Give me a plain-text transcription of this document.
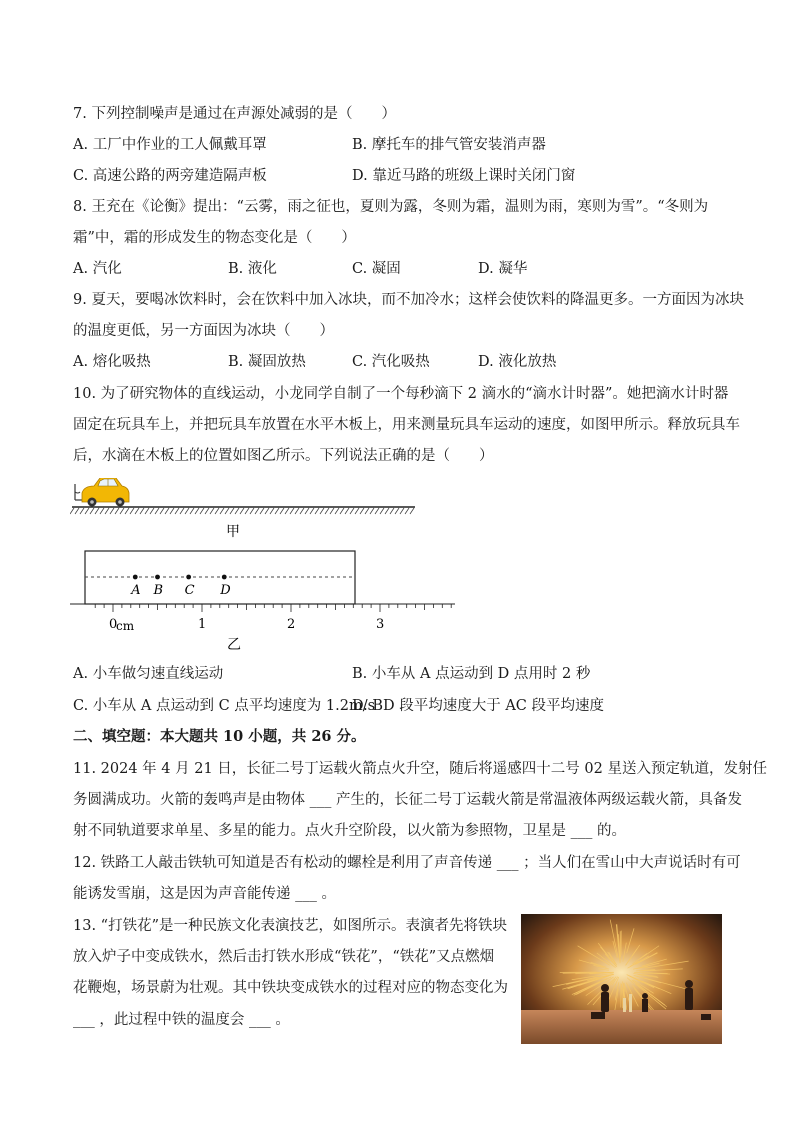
7. 下列控制噪声是通过在声源处减弱的是（　　）
A. 工厂中作业的工人佩戴耳罩	B. 摩托车的排气管安装消声器
C. 高速公路的两旁建造隔声板	D. 靠近马路的班级上课时关闭门窗
8. 王充在《论衡》提出：“云雾，雨之征也，夏则为露，冬则为霜，温则为雨，寒则为雪”。“冬则为
霜”中，霜的形成发生的物态变化是（　　）
A. 汽化	B. 液化	C. 凝固	D. 凝华
9. 夏天，要喝冰饮料时，会在饮料中加入冰块，而不加冷水；这样会使饮料的降温更多。一方面因为冰块
的温度更低，另一方面因为冰块（　　）
A. 熔化吸热	B. 凝固放热	C. 汽化吸热	D. 液化放热
10. 为了研究物体的直线运动，小龙同学自制了一个每秒滴下 2 滴水的“滴水计时器”。她把滴水计时器
固定在玩具车上，并把玩具车放置在水平木板上，用来测量玩具车运动的速度，如图甲所示。释放玩具车
后，水滴在木板上的位置如图乙所示。下列说法正确的是（　　）
甲
A B C D
0	1	2	3
cm
乙
A. 小车做匀速直线运动	B. 小车从 A 点运动到 D 点用时 2 秒
C. 小车从 A 点运动到 C 点平均速度为 1.2m/s
D. BD 段平均速度大于 AC 段平均速度
二、填空题：本大题共 10 小题，共 26 分。
11. 2024 年 4 月 21 日，长征二号丁运载火箭点火升空，随后将遥感四十二号 02 星送入预定轨道，发射任
务圆满成功。火箭的轰鸣声是由物体 ___ 产生的，长征二号丁运载火箭是常温液体两级运载火箭，具备发
射不同轨道要求单星、多星的能力。点火升空阶段，以火箭为参照物，卫星是 ___ 的。
12. 铁路工人敲击铁轨可知道是否有松动的螺栓是利用了声音传递 ___ ；当人们在雪山中大声说话时有可
能诱发雪崩，这是因为声音能传递 ___ 。
13. “打铁花”是一种民族文化表演技艺，如图所示。表演者先将铁块
放入炉子中变成铁水，然后击打铁水形成“铁花”，“铁花”又点燃烟
花鞭炮，场景蔚为壮观。其中铁块变成铁水的过程对应的物态变化为
___ ，此过程中铁的温度会 ___ 。
